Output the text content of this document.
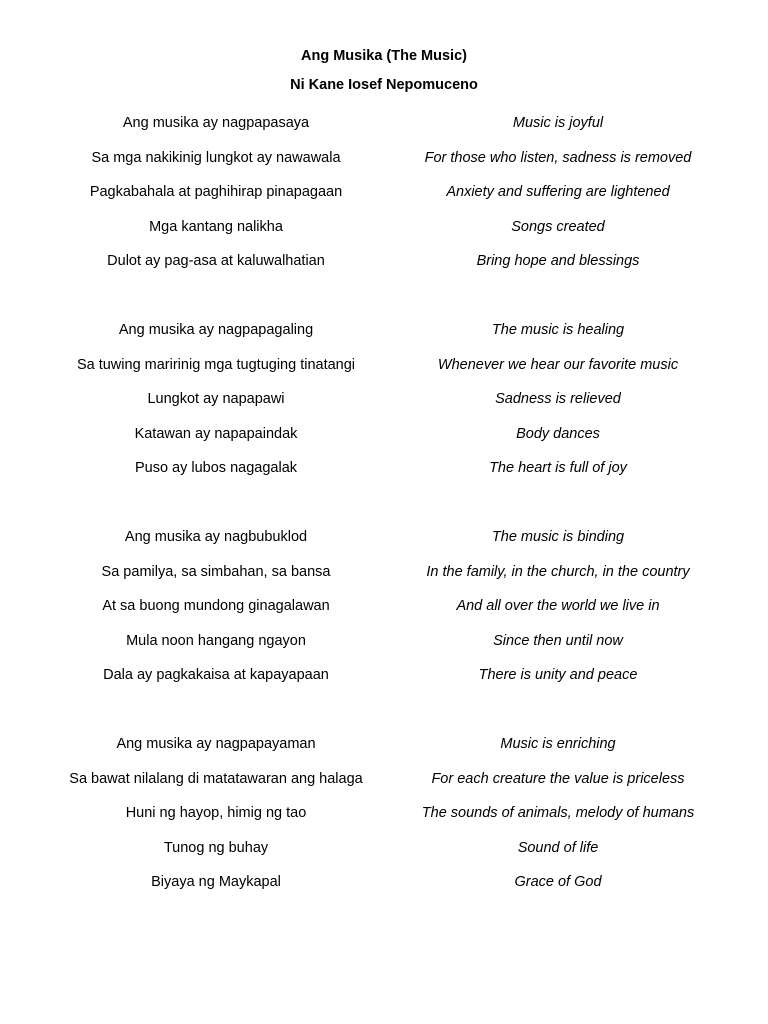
Ang Musika (The Music)
Ni Kane Iosef Nepomuceno
Ang musika ay nagpapasaya	Music is joyful
Sa mga nakikinig lungkot ay nawawala	For those who listen, sadness is removed
Pagkabahala at paghihirap pinapagaan	Anxiety and suffering are lightened
Mga kantang nalikha	Songs created
Dulot ay pag-asa at kaluwalhatian	Bring hope and blessings
Ang musika ay nagpapagaling	The music is healing
Sa tuwing maririnig mga tugtuging tinatangi	Whenever we hear our favorite music
Lungkot ay napapawi	Sadness is relieved
Katawan ay napapaindak	Body dances
Puso ay lubos nagagalak	The heart is full of joy
Ang musika ay nagbubuklod	The music is binding
Sa pamilya, sa simbahan, sa bansa	In the family, in the church, in the country
At sa buong mundong ginagalawan	And all over the world we live in
Mula noon hangang ngayon	Since then until now
Dala ay pagkakaisa at kapayapaan	There is unity and peace
Ang musika ay nagpapayaman	Music is enriching
Sa bawat nilalang di matatawaran ang halaga	For each creature the value is priceless
Huni ng hayop, himig ng tao	The sounds of animals, melody of humans
Tunog ng buhay	Sound of life
Biyaya ng Maykapal	Grace of God
